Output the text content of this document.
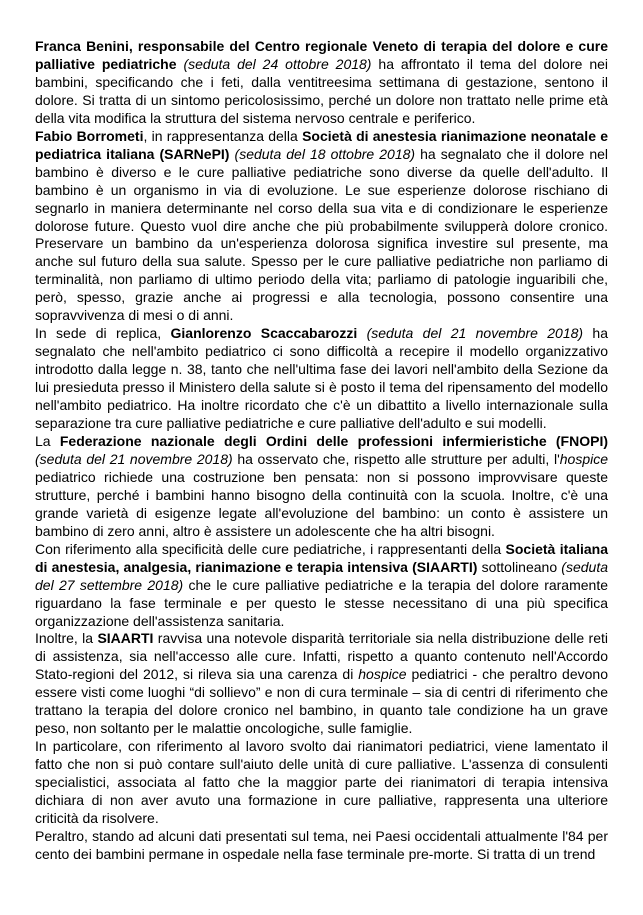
Franca Benini, responsabile del Centro regionale Veneto di terapia del dolore e cure palliative pediatriche (seduta del 24 ottobre 2018) ha affrontato il tema del dolore nei bambini, specificando che i feti, dalla ventitreesima settimana di gestazione, sentono il dolore. Si tratta di un sintomo pericolosissimo, perché un dolore non trattato nelle prime età della vita modifica la struttura del sistema nervoso centrale e periferico.

Fabio Borrometi, in rappresentanza della Società di anestesia rianimazione neonatale e pediatrica italiana (SARNePI) (seduta del 18 ottobre 2018) ha segnalato che il dolore nel bambino è diverso e le cure palliative pediatriche sono diverse da quelle dell'adulto. Il bambino è un organismo in via di evoluzione. Le sue esperienze dolorose rischiano di segnarlo in maniera determinante nel corso della sua vita e di condizionare le esperienze dolorose future. Questo vuol dire anche che più probabilmente svilupperà dolore cronico. Preservare un bambino da un'esperienza dolorosa significa investire sul presente, ma anche sul futuro della sua salute. Spesso per le cure palliative pediatriche non parliamo di terminalità, non parliamo di ultimo periodo della vita; parliamo di patologie inguaribili che, però, spesso, grazie anche ai progressi e alla tecnologia, possono consentire una sopravvivenza di mesi o di anni.

In sede di replica, Gianlorenzo Scaccabarozzi (seduta del 21 novembre 2018) ha segnalato che nell'ambito pediatrico ci sono difficoltà a recepire il modello organizzativo introdotto dalla legge n. 38, tanto che nell'ultima fase dei lavori nell'ambito della Sezione da lui presieduta presso il Ministero della salute si è posto il tema del ripensamento del modello nell'ambito pediatrico. Ha inoltre ricordato che c'è un dibattito a livello internazionale sulla separazione tra cure palliative pediatriche e cure palliative dell'adulto e sui modelli.

La Federazione nazionale degli Ordini delle professioni infermieristiche (FNOPI) (seduta del 21 novembre 2018) ha osservato che, rispetto alle strutture per adulti, l'hospice pediatrico richiede una costruzione ben pensata: non si possono improvvisare queste strutture, perché i bambini hanno bisogno della continuità con la scuola. Inoltre, c'è una grande varietà di esigenze legate all'evoluzione del bambino: un conto è assistere un bambino di zero anni, altro è assistere un adolescente che ha altri bisogni.

Con riferimento alla specificità delle cure pediatriche, i rappresentanti della Società italiana di anestesia, analgesia, rianimazione e terapia intensiva (SIAARTI) sottolineano (seduta del 27 settembre 2018) che le cure palliative pediatriche e la terapia del dolore raramente riguardano la fase terminale e per questo le stesse necessitano di una più specifica organizzazione dell'assistenza sanitaria.

Inoltre, la SIAARTI ravvisa una notevole disparità territoriale sia nella distribuzione delle reti di assistenza, sia nell'accesso alle cure. Infatti, rispetto a quanto contenuto nell'Accordo Stato-regioni del 2012, si rileva sia una carenza di hospice pediatrici - che peraltro devono essere visti come luoghi “di sollievo” e non di cura terminale – sia di centri di riferimento che trattano la terapia del dolore cronico nel bambino, in quanto tale condizione ha un grave peso, non soltanto per le malattie oncologiche, sulle famiglie.

In particolare, con riferimento al lavoro svolto dai rianimatori pediatrici, viene lamentato il fatto che non si può contare sull'aiuto delle unità di cure palliative. L'assenza di consulenti specialistici, associata al fatto che la maggior parte dei rianimatori di terapia intensiva dichiara di non aver avuto una formazione in cure palliative, rappresenta una ulteriore criticità da risolvere.

Peraltro, stando ad alcuni dati presentati sul tema, nei Paesi occidentali attualmente l'84 per cento dei bambini permane in ospedale nella fase terminale pre-morte. Si tratta di un trend
